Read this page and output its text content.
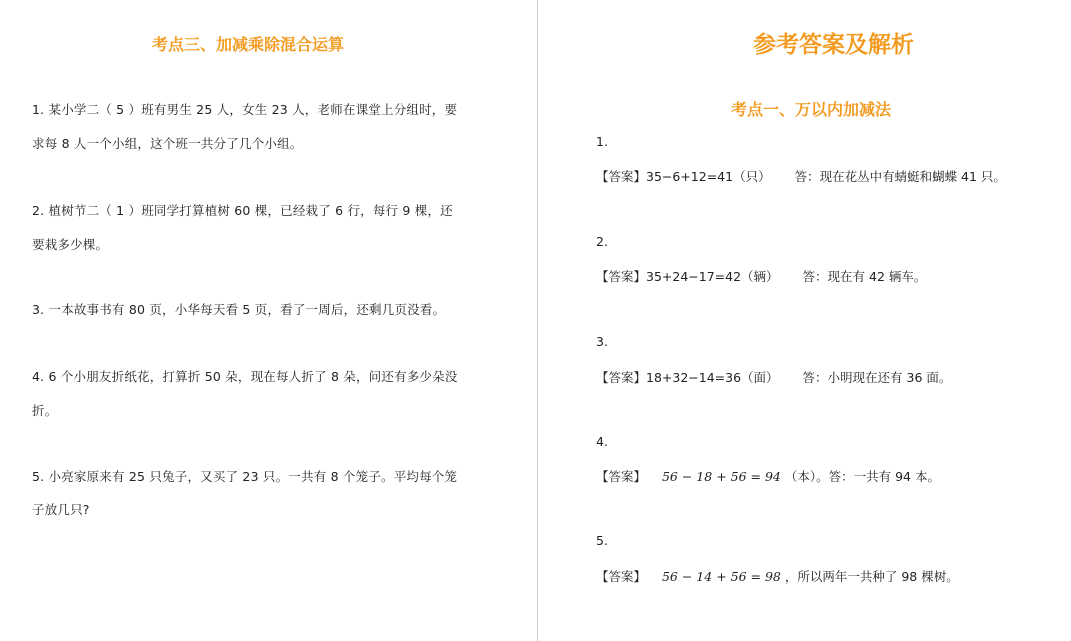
考点三、加减乘除混合运算
1. 某小学二（ 5 ）班有男生 25 人，女生 23 人，老师在课堂上分组时，要
求每 8 人一个小组，这个班一共分了几个小组。
2. 植树节二（ 1 ）班同学打算植树 60 棵，已经栽了 6 行，每行 9 棵，还
要栽多少棵。
3. 一本故事书有 80 页，小华每天看 5 页，看了一周后，还剩几页没看。
4. 6 个小朋友折纸花，打算折 50 朵，现在每人折了 8 朵，问还有多少朵没
折。
5. 小亮家原来有 25 只兔子，又买了 23 只。一共有 8 个笼子。平均每个笼
子放几只?
参考答案及解析
考点一、万以内加减法
1.
【答案】35−6+12=41（只） 答：现在花丛中有蜻蜓和蝴蝶 41 只。
2.
【答案】35+24−17=42（辆） 答：现在有 42 辆车。
3.
【答案】18+32−14=36（面） 答：小明现在还有 36 面。
4.
【答案】 56 − 18 + 56 = 94 （本）。答：一共有 94 本。
5.
【答案】 56 − 14 + 56 = 98 ，所以两年一共种了 98 棵树。
